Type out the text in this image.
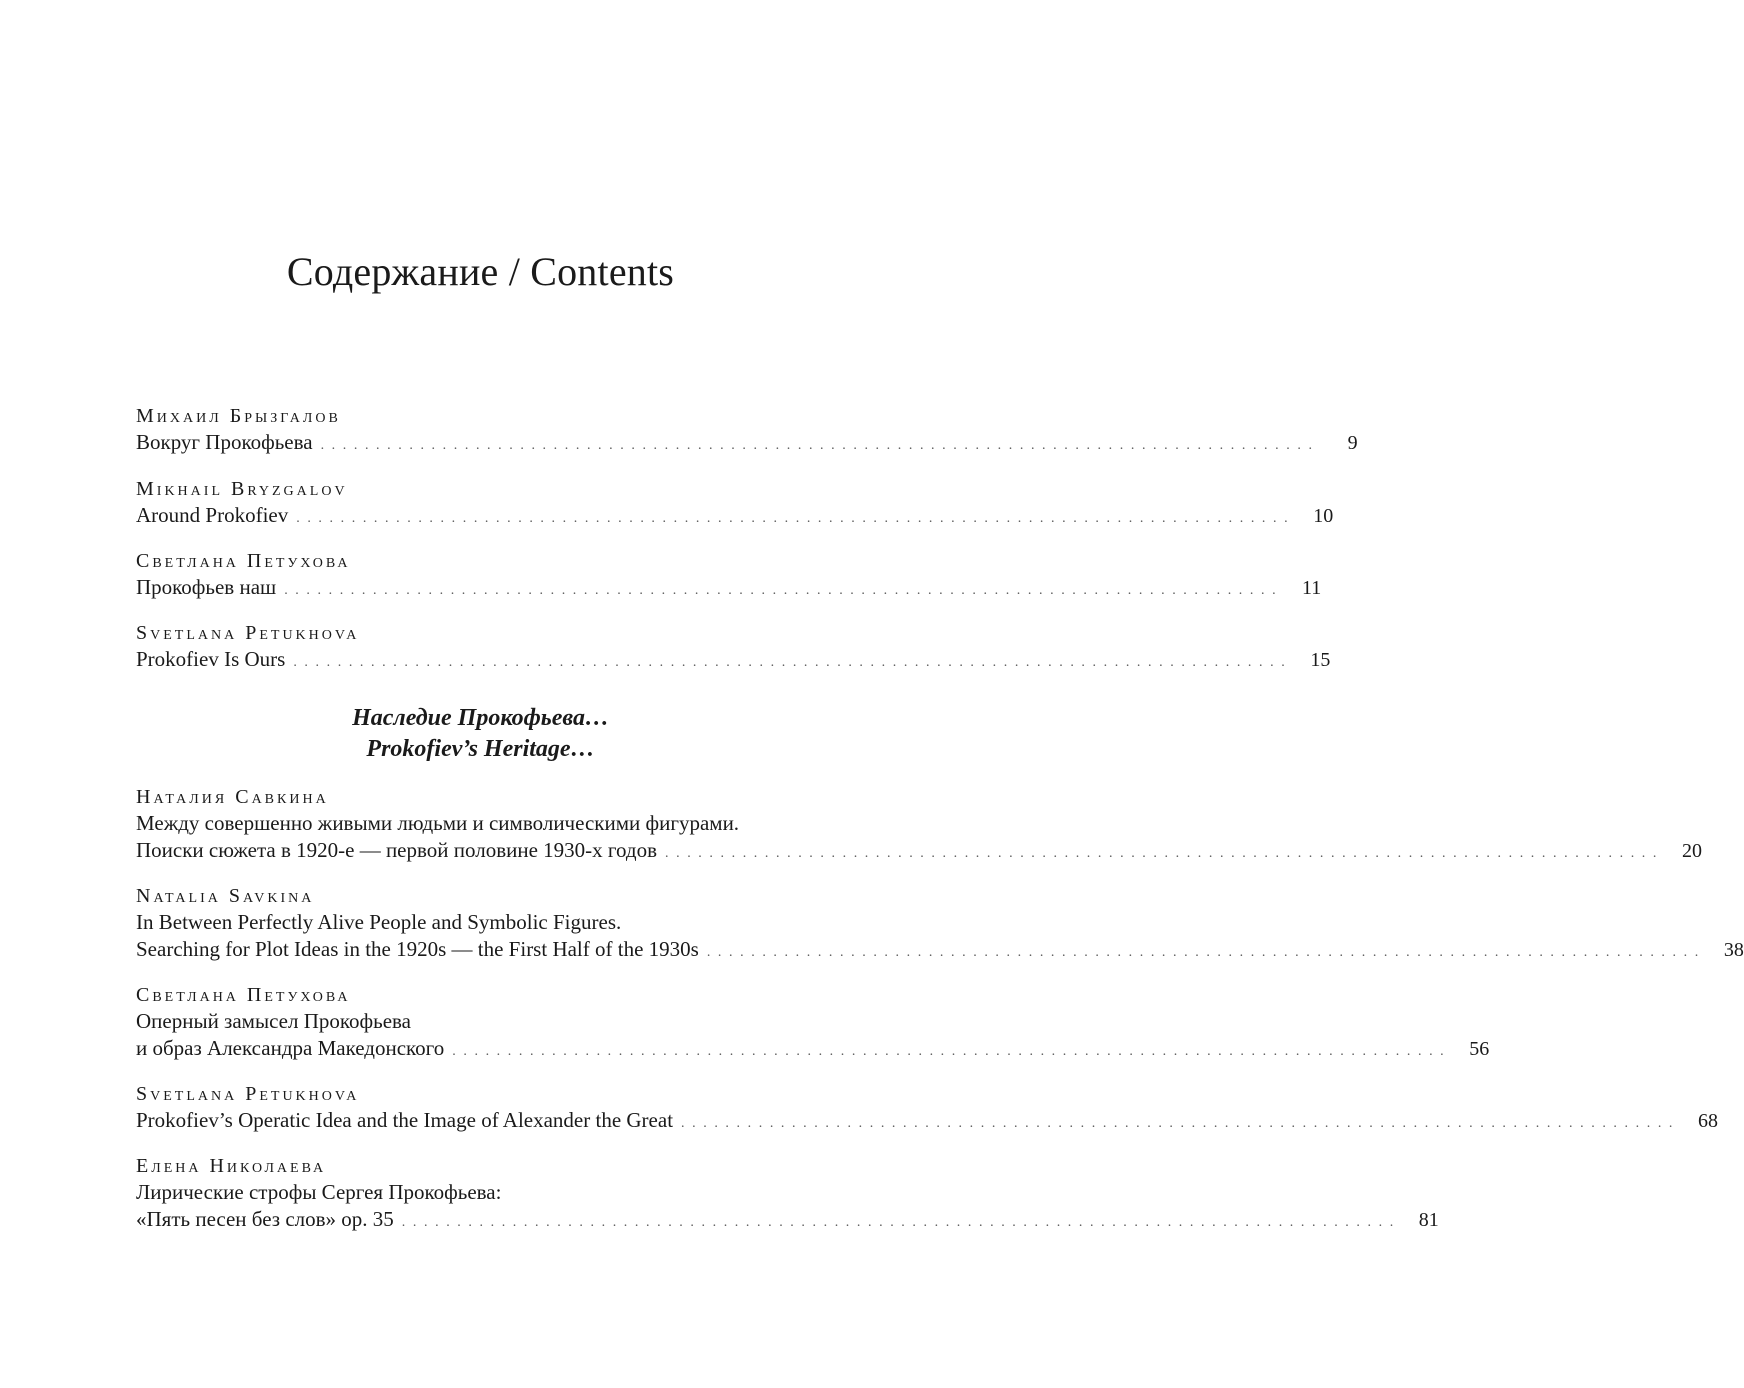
Содержание / Contents
Михаил Брызгалов
Вокруг Прокофьева ..........................................................................................	9
Mikhail Bryzgalov
Around Prokofiev .......................................................................................... 10
Светлана Петухова
Прокофьев наш .......................................................................................... 11
Svetlana Petukhova
Prokofiev Is Ours .......................................................................................... 15
Наталия Савкина
Между совершенно живыми людьми и символическими фигурами.
Поиски сюжета в 1920-е — первой половине 1930-х годов .......................................................................................... 20
Natalia Savkina
In Between Perfectly Alive People and Symbolic Figures.
Searching for Plot Ideas in the 1920s — the First Half of the 1930s .......................................................................................... 38
Светлана Петухова
Оперный замысел Прокофьева
и образ Александра Македонского .......................................................................................... 56
Svetlana Petukhova
Prokofiev’s Operatic Idea and the Image of Alexander the Great .......................................................................................... 68
Елена Николаева
Лирические строфы Сергея Прокофьева:
«Пять песен без слов» ор. 35 .......................................................................................... 81
Наследие Прокофьева…
Prokofiev’s Heritage…
